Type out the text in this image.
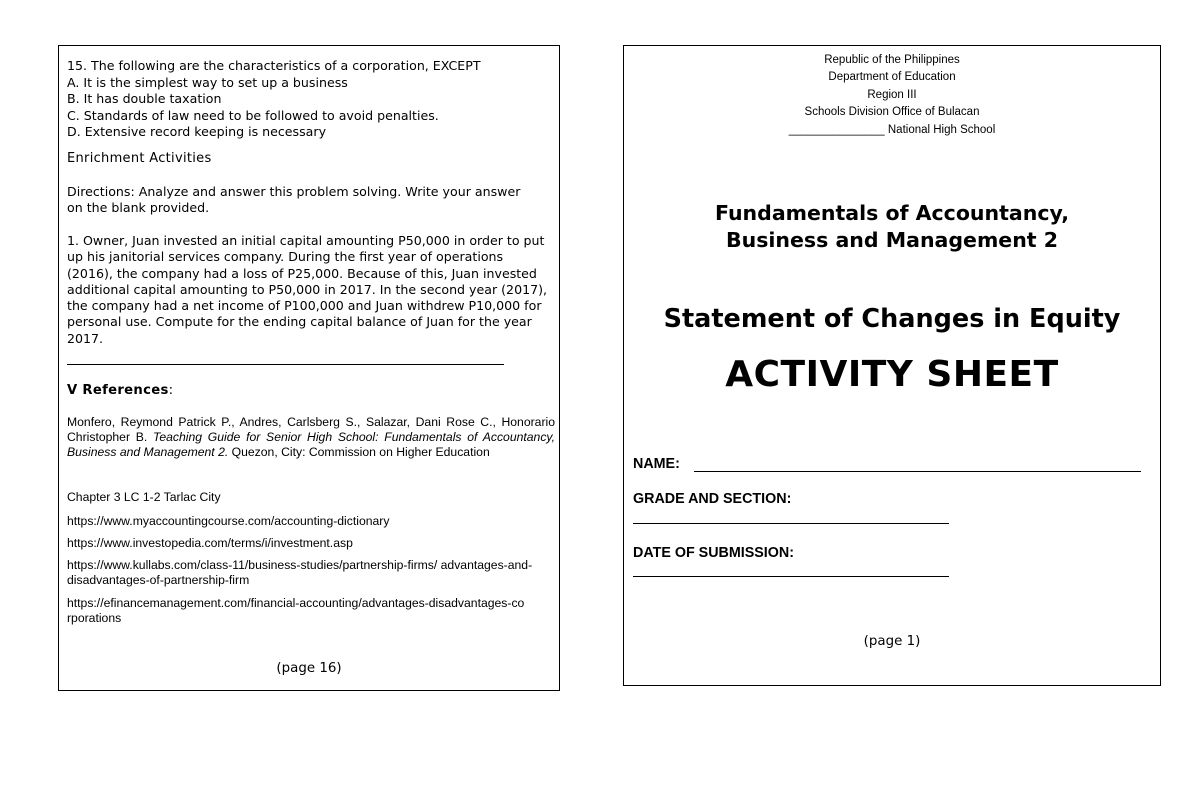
15. The following are the characteristics of a corporation, EXCEPT

A. It is the simplest way to set up a business

B. It has double taxation

C. Standards of law need to be followed to avoid penalties.

D. Extensive record keeping is necessary

Enrichment Activities

Directions: Analyze and answer this problem solving. Write your answer on the blank provided.

1. Owner, Juan invested an initial capital amounting P50,000 in order to put up his janitorial services company. During the first year of operations (2016), the company had a loss of P25,000. Because of this, Juan invested additional capital amounting to P50,000 in 2017. In the second year (2017), the company had a net income of P100,000 and Juan withdrew P10,000 for personal use. Compute for the ending capital balance of Juan for the year 2017.

V References:

Monfero, Reymond Patrick P., Andres, Carlsberg S., Salazar, Dani Rose C., Honorario Christopher B. Teaching Guide for Senior High School: Fundamentals of Accountancy, Business and Management 2. Quezon, City: Commission on Higher Education

Chapter 3 LC 1-2 Tarlac City

https://www.myaccountingcourse.com/accounting-dictionary

https://www.investopedia.com/terms/i/investment.asp

https://www.kullabs.com/class-11/business-studies/partnership-firms/ advantages-and-disadvantages-of-partnership-firm

https://efinancemanagement.com/financial-accounting/advantages-disadvantages-corporations

(page 16)

Republic of the Philippines

Department of Education

Region III

Schools Division Office of Bulacan

_______________ National High School

Fundamentals of Accountancy,

Business and Management 2

Statement of Changes in Equity

ACTIVITY SHEET

NAME:

GRADE AND SECTION:

DATE OF SUBMISSION:

(page 1)
